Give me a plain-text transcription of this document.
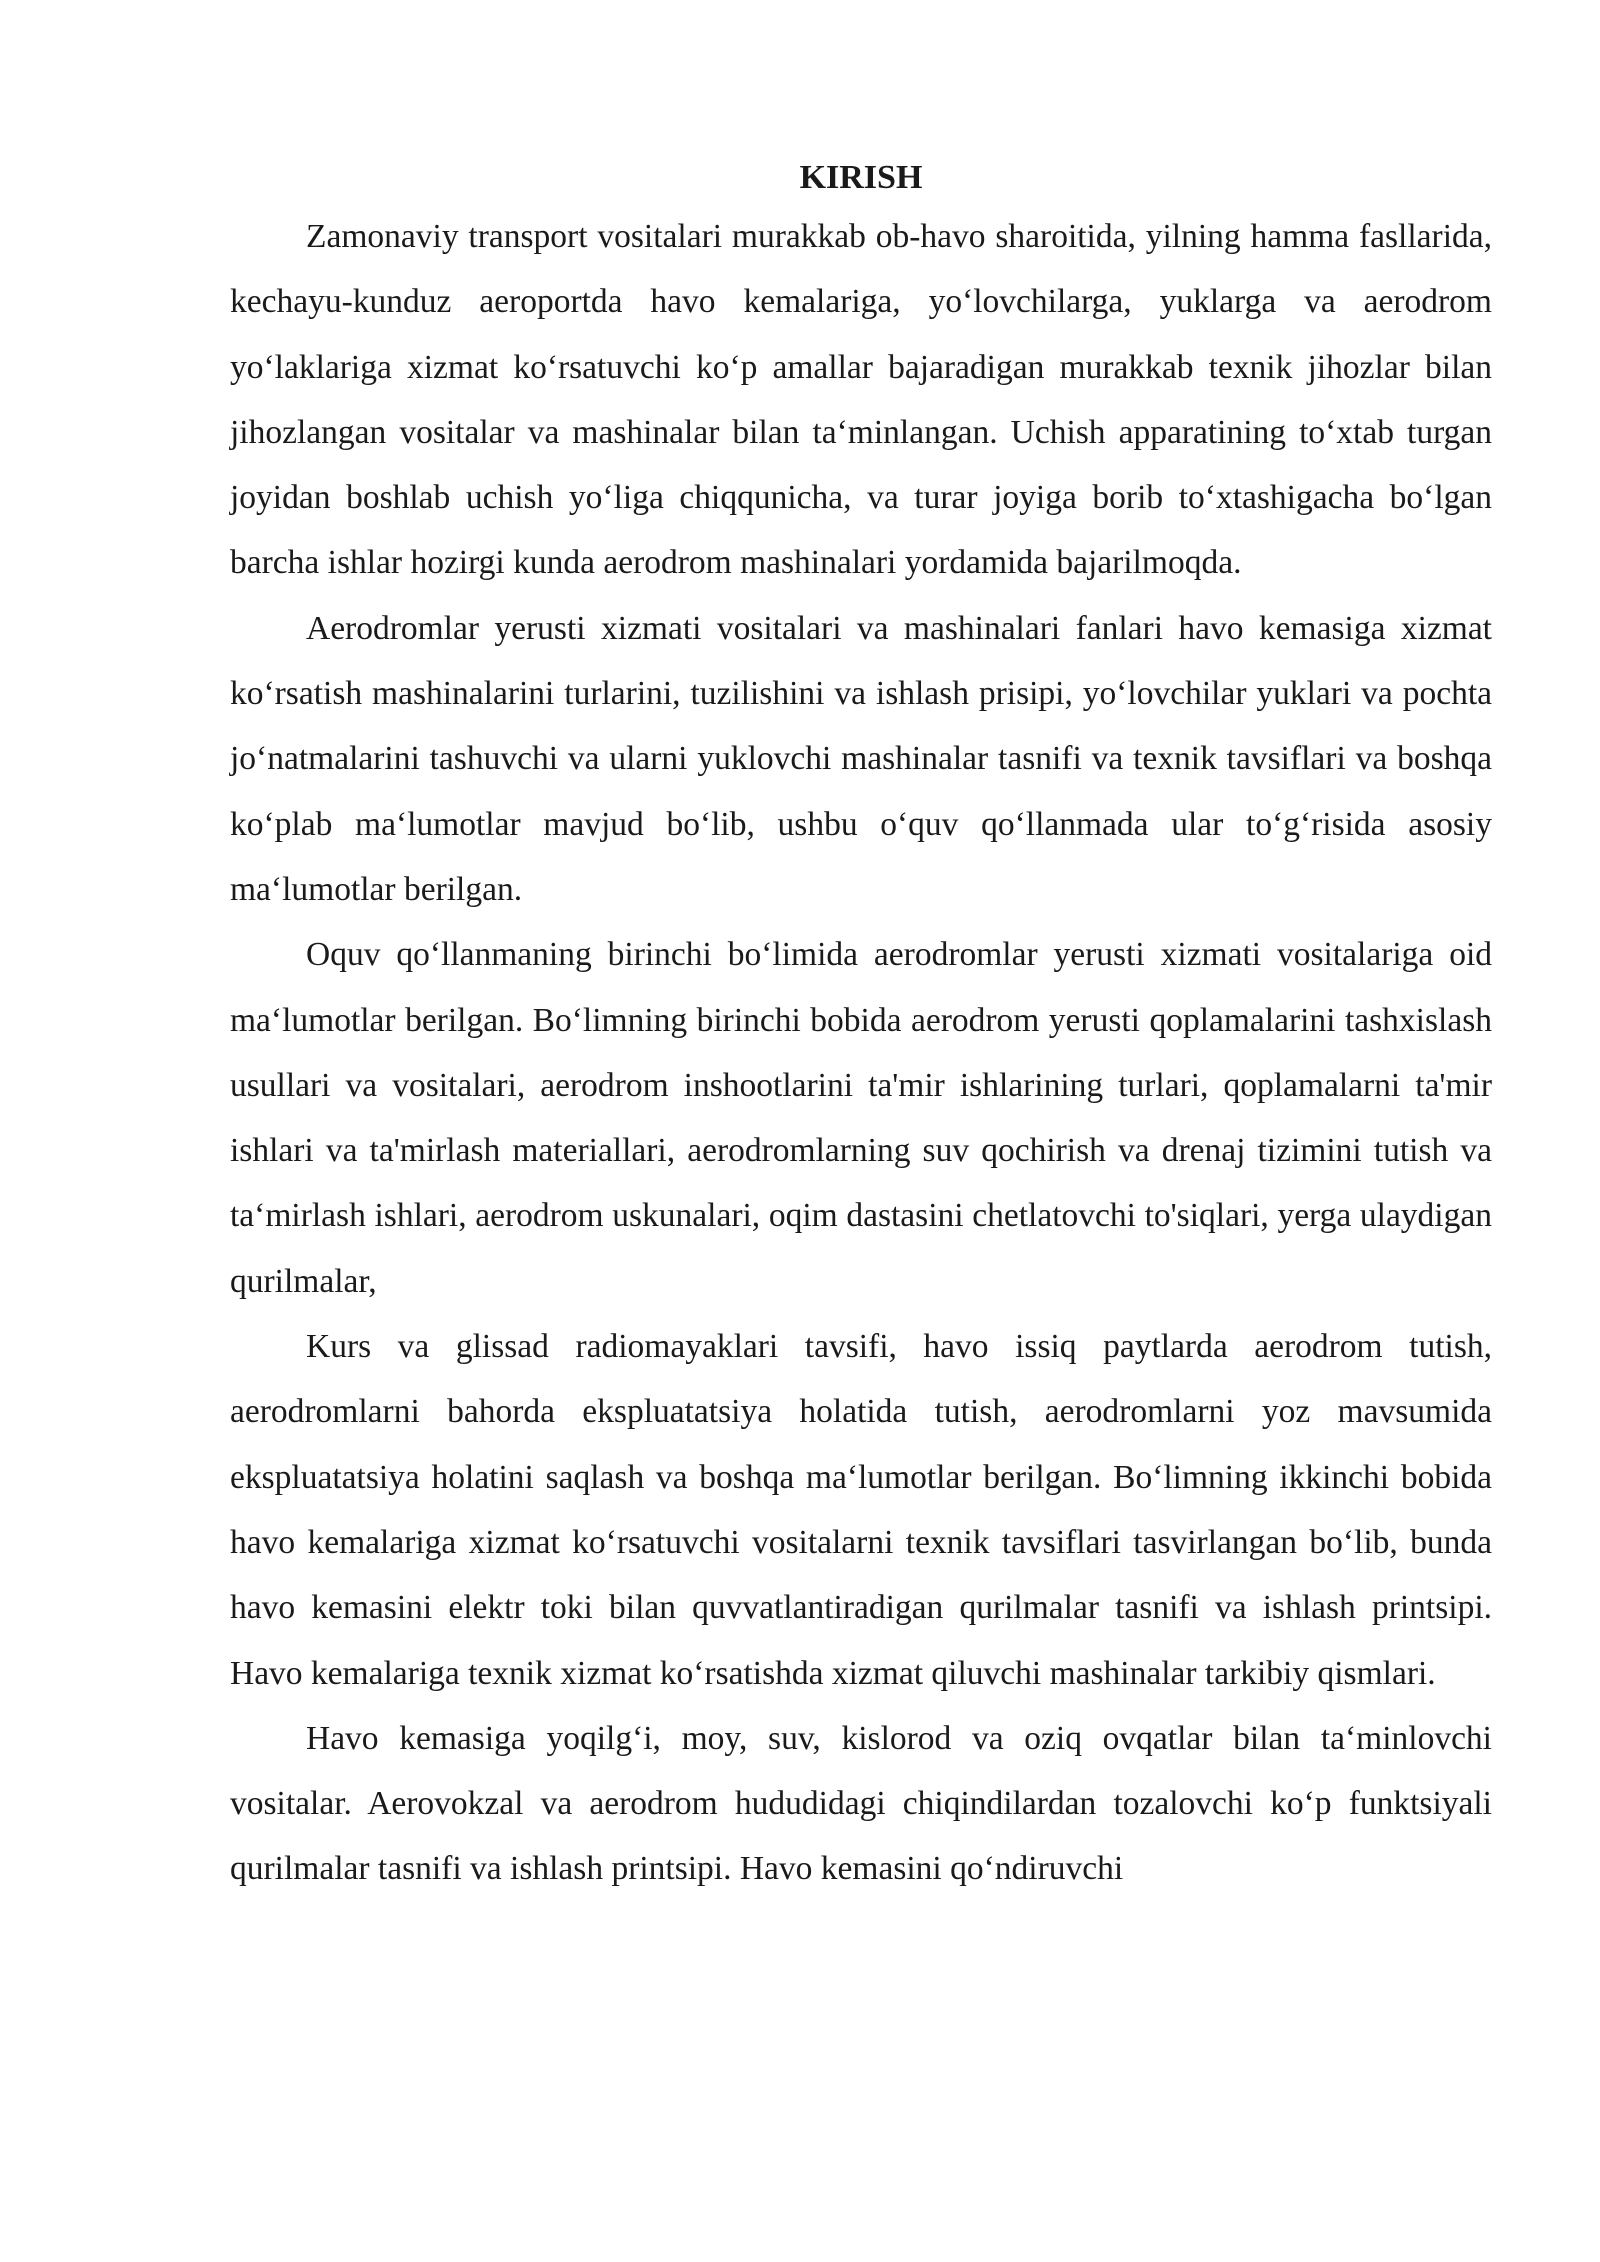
KIRISH

Zamonaviy transport vositalari murakkab ob-havo sharoitida, yilning hamma fasllarida, kechayu-kunduz aeroportda havo kemalariga, yo‘lovchilarga, yuklarga va aerodrom yo‘laklariga xizmat ko‘rsatuvchi ko‘p amallar bajaradigan murakkab texnik jihozlar bilan jihozlangan vositalar va mashinalar bilan ta‘minlangan. Uchish apparatining to‘xtab turgan joyidan boshlab uchish yo‘liga chiqqunicha, va turar joyiga borib to‘xtashigacha bo‘lgan barcha ishlar hozirgi kunda aerodrom mashinalari yordamida bajarilmoqda.

Aerodromlar yerusti xizmati vositalari va mashinalari fanlari havo kemasiga xizmat ko‘rsatish mashinalarini turlarini, tuzilishini va ishlash prisipi, yo‘lovchilar yuklari va pochta jo‘natmalarini tashuvchi va ularni yuklovchi mashinalar tasnifi va texnik tavsiflari va boshqa ko‘plab ma‘lumotlar mavjud bo‘lib, ushbu o‘quv qo‘llanmada ular to‘g‘risida asosiy ma‘lumotlar berilgan.

Oquv qo‘llanmaning birinchi bo‘limida aerodromlar yerusti xizmati vositalariga oid ma‘lumotlar berilgan. Bo‘limning birinchi bobida aerodrom yerusti qoplamalarini tashxislash usullari va vositalari, aerodrom inshootlarini ta'mir ishlarining turlari, qoplamalarni ta'mir ishlari va ta'mirlash materiallari, aerodromlarning suv qochirish va drenaj tizimini tutish va ta‘mirlash ishlari, aerodrom uskunalari, oqim dastasini chetlatovchi to'siqlari, yerga ulaydigan qurilmalar,

Kurs va glissad radiomayaklari tavsifi, havo issiq paytlarda aerodrom tutish, aerodromlarni bahorda ekspluatatsiya holatida tutish, aerodromlarni yoz mavsumida ekspluatatsiya holatini saqlash va boshqa ma‘lumotlar berilgan. Bo‘limning ikkinchi bobida havo kemalariga xizmat ko‘rsatuvchi vositalarni texnik tavsiflari tasvirlangan bo‘lib, bunda havo kemasini elektr toki bilan quvvatlantiradigan qurilmalar tasnifi va ishlash printsipi. Havo kemalariga texnik xizmat ko‘rsatishda xizmat qiluvchi mashinalar tarkibiy qismlari.

Havo kemasiga yoqilg‘i, moy, suv, kislorod va oziq ovqatlar bilan ta‘minlovchi vositalar. Aerovokzal va aerodrom hududidagi chiqindilardan tozalovchi ko‘p funktsiyali qurilmalar tasnifi va ishlash printsipi. Havo kemasini qo‘ndiruvchi
